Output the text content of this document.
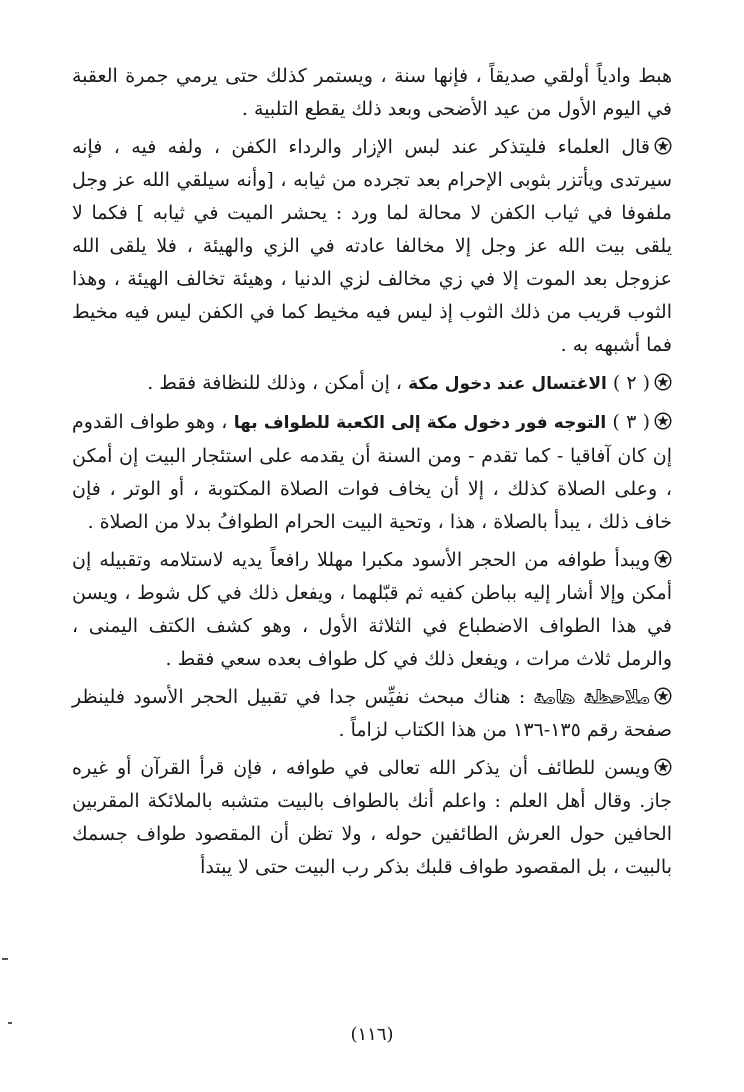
هبط وادياً أولقي صديقاً ، فإنها سنة ، ويستمر كذلك حتى يرمي جمرة العقبة في اليوم الأول من عيد الأضحى وبعد ذلك يقطع التلبية .

قال العلماء فليتذكر عند لبس الإزار والرداء الكفن ، ولفه فيه ، فإنه سيرتدى ويأتزر بثوبى الإحرام بعد تجرده من ثيابه ، [وأنه سيلقي الله عز وجل ملفوفا في ثياب الكفن لا محالة لما ورد : يحشر الميت في ثيابه ] فكما لا يلقى بيت الله عز وجل إلا مخالفا عادته في الزي والهيئة ، فلا يلقى الله عزوجل بعد الموت إلا في زي مخالف لزي الدنيا ، وهيئة تخالف الهيئة ، وهذا الثوب قريب من ذلك الثوب إذ ليس فيه مخيط كما في الكفن ليس فيه مخيط فما أشبهه به .

( ٢ ) الاغتسال عند دخول مكة ، إن أمكن ، وذلك للنظافة فقط .

( ٣ ) التوجه فور دخول مكة إلى الكعبة للطواف بها ، وهو طواف القدوم إن كان آفاقيا - كما تقدم - ومن السنة أن يقدمه على استئجار البيت إن أمكن ، وعلى الصلاة كذلك ، إلا أن يخاف فوات الصلاة المكتوبة ، أو الوتر ، فإن خاف ذلك ، يبدأ بالصلاة ، هذا ، وتحية البيت الحرام الطوافُ بدلا من الصلاة .

ويبدأ طوافه من الحجر الأسود مكبرا مهللا رافعاً يديه لاستلامه وتقبيله إن أمكن وإلا أشار إليه بباطن كفيه ثم قبّلهما ، ويفعل ذلك في كل شوط ، ويسن في هذا الطواف الاضطباع في الثلاثة الأول ، وهو كشف الكتف اليمنى ، والرمل ثلاث مرات ، ويفعل ذلك في كل طواف بعده سعي فقط .

ملاحظة هامة : هناك مبحث نفيِّس جدا في تقبيل الحجر الأسود فلينظر صفحة رقم ١٣٥-١٣٦ من هذا الكتاب لزاماً .

ويسن للطائف أن يذكر الله تعالى في طوافه ، فإن قرأ القرآن أو غيره جاز. وقال أهل العلم : واعلم أنك بالطواف بالبيت متشبه بالملائكة المقربين الحافين حول العرش الطائفين حوله ، ولا تظن أن المقصود طواف جسمك بالبيت ، بل المقصود طواف قلبك بذكر رب البيت حتى لا يبتدأ

(١١٦)
